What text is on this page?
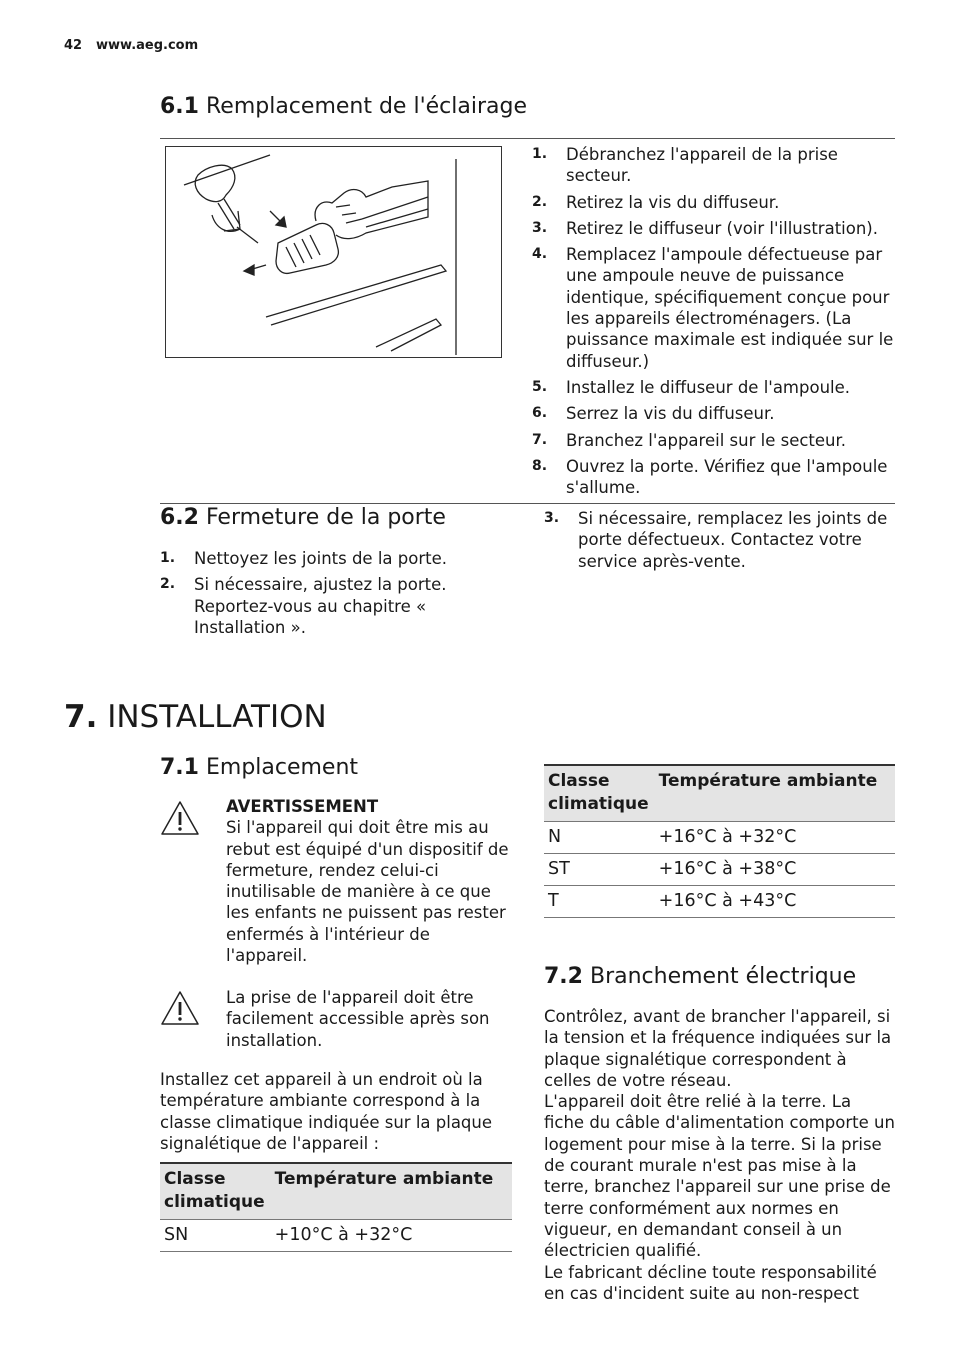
42 www.aeg.com
6.1 Remplacement de l'éclairage
1. Débranchez l'appareil de la prise secteur.
2. Retirez la vis du diffuseur.
3. Retirez le diffuseur (voir l'illustration).
4. Remplacez l'ampoule défectueuse par une ampoule neuve de puissance identique, spécifiquement conçue pour les appareils électroménagers. (La puissance maximale est indiquée sur le diffuseur.)
5. Installez le diffuseur de l'ampoule.
6. Serrez la vis du diffuseur.
7. Branchez l'appareil sur le secteur.
8. Ouvrez la porte. Vérifiez que l'ampoule s'allume.
6.2 Fermeture de la porte
1. Nettoyez les joints de la porte.
2. Si nécessaire, ajustez la porte. Reportez-vous au chapitre « Installation ».
3. Si nécessaire, remplacez les joints de porte défectueux. Contactez votre service après-vente.
7. INSTALLATION
7.1 Emplacement
AVERTISSEMENT
Si l'appareil qui doit être mis au rebut est équipé d'un dispositif de fermeture, rendez celui-ci inutilisable de manière à ce que les enfants ne puissent pas rester enfermés à l'intérieur de l'appareil.
La prise de l'appareil doit être facilement accessible après son installation.
Installez cet appareil à un endroit où la température ambiante correspond à la classe climatique indiquée sur la plaque signalétique de l'appareil :
Classe climatique	Température ambiante
SN	+10°C à +32°C
Classe climatique	Température ambiante
N	+16°C à +32°C
ST	+16°C à +38°C
T	+16°C à +43°C
7.2 Branchement électrique
Contrôlez, avant de brancher l'appareil, si la tension et la fréquence indiquées sur la plaque signalétique correspondent à celles de votre réseau.
L'appareil doit être relié à la terre. La fiche du câble d'alimentation comporte un logement pour mise à la terre. Si la prise de courant murale n'est pas mise à la terre, branchez l'appareil sur une prise de terre conformément aux normes en vigueur, en demandant conseil à un électricien qualifié.
Le fabricant décline toute responsabilité en cas d'incident suite au non-respect
